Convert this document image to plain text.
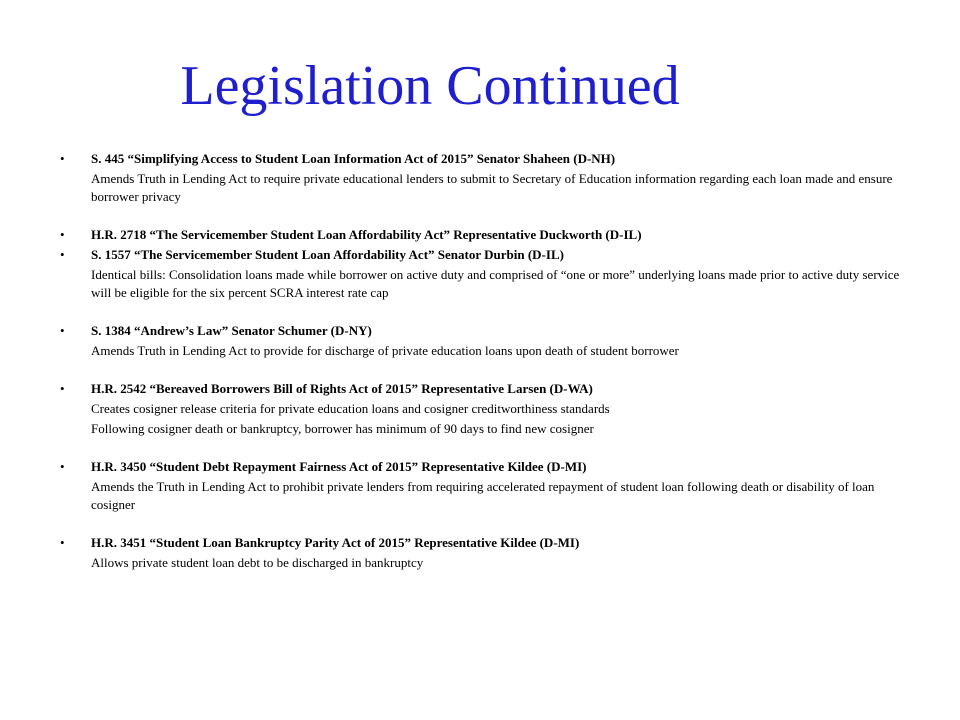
Legislation Continued

• S. 445 “Simplifying Access to Student Loan Information Act of 2015” Senator Shaheen (D-NH)

Amends Truth in Lending Act to require private educational lenders to submit to Secretary of Education information regarding each loan made and ensure borrower privacy

• H.R. 2718 “The Servicemember Student Loan Affordability Act” Representative Duckworth (D-IL)

• S. 1557 “The Servicemember Student Loan Affordability Act” Senator Durbin (D-IL)

Identical bills: Consolidation loans made while borrower on active duty and comprised of “one or more” underlying loans made prior to active duty service will be eligible for the six percent SCRA interest rate cap

• S. 1384 “Andrew’s Law” Senator Schumer (D-NY)

Amends Truth in Lending Act to provide for discharge of private education loans upon death of student borrower

• H.R. 2542 “Bereaved Borrowers Bill of Rights Act of 2015” Representative Larsen (D-WA)

Creates cosigner release criteria for private education loans and cosigner creditworthiness standards

Following cosigner death or bankruptcy, borrower has minimum of 90 days to find new cosigner

• H.R. 3450 “Student Debt Repayment Fairness Act of 2015” Representative Kildee (D-MI)

Amends the Truth in Lending Act to prohibit private lenders from requiring accelerated repayment of student loan following death or disability of loan cosigner

• H.R. 3451 “Student Loan Bankruptcy Parity Act of 2015” Representative Kildee (D-MI)

Allows private student loan debt to be discharged in bankruptcy
